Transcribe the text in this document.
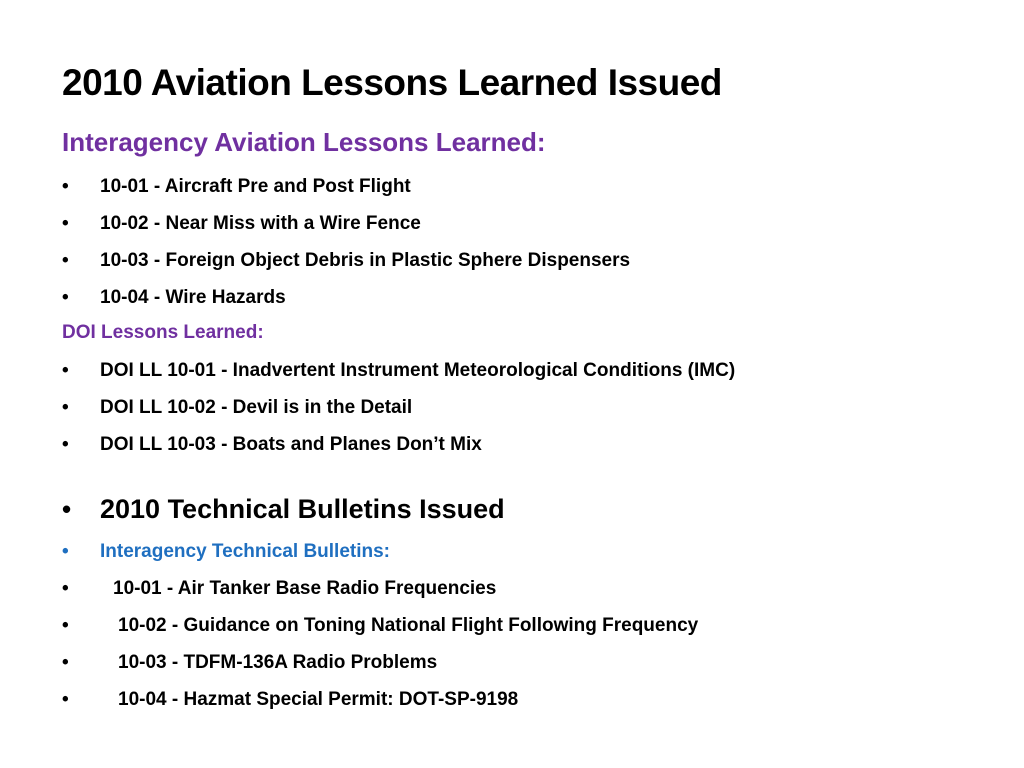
2010 Aviation Lessons Learned Issued
Interagency Aviation Lessons Learned:
• 10-01 - Aircraft Pre and Post Flight
• 10-02 - Near Miss with a Wire Fence
• 10-03 - Foreign Object Debris in Plastic Sphere Dispensers
• 10-04 - Wire Hazards
DOI Lessons Learned:
• DOI LL 10-01 - Inadvertent Instrument Meteorological Conditions (IMC)
• DOI LL 10-02 - Devil is in the Detail
• DOI LL 10-03 - Boats and Planes Don’t Mix
• 2010 Technical Bulletins Issued
• Interagency Technical Bulletins:
• 10-01 - Air Tanker Base Radio Frequencies
•	10-02 - Guidance on Toning National Flight Following Frequency
•	10-03 - TDFM-136A Radio Problems
•	10-04 - Hazmat Special Permit: DOT-SP-9198
